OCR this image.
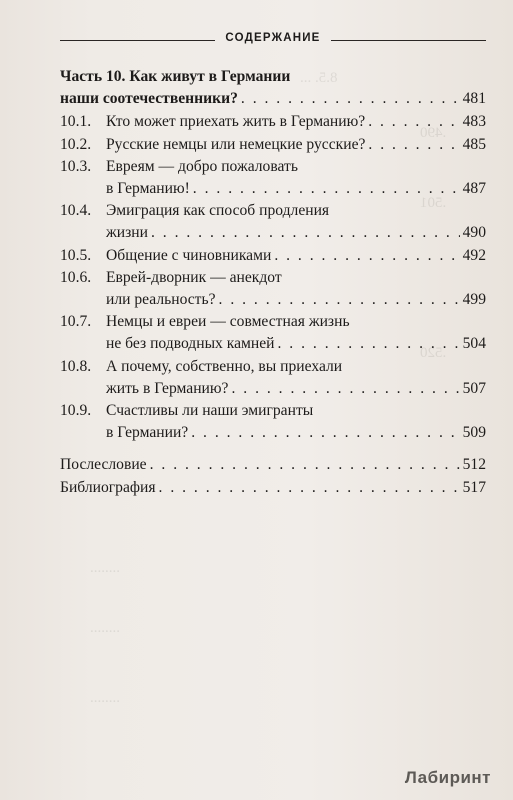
8.5. ...
.490
.501
.520
........
........
........
СОДЕРЖАНИЕ
Часть 10. Как живут в Германии
наши соотечественники? . . .	481
10.1. Кто может приехать жить в Германию? . . .	483
10.2. Русские немцы или немецкие русские? . . .	485
10.3. Евреям — добро пожаловать
в Германию! . . .	487
10.4. Эмиграция как способ продления
жизни . . .	490
10.5. Общение с чиновниками . . .	492
10.6. Еврей-дворник — анекдот
или реальность? . . .	499
10.7. Немцы и евреи — совместная жизнь
не без подводных камней . . .	504
10.8. А почему, собственно, вы приехали
жить в Германию? . . .	507
10.9. Счастливы ли наши эмигранты
в Германии? . . .	509
Послесловие . . .	512
Библиография . . .	517
Лабиринт
